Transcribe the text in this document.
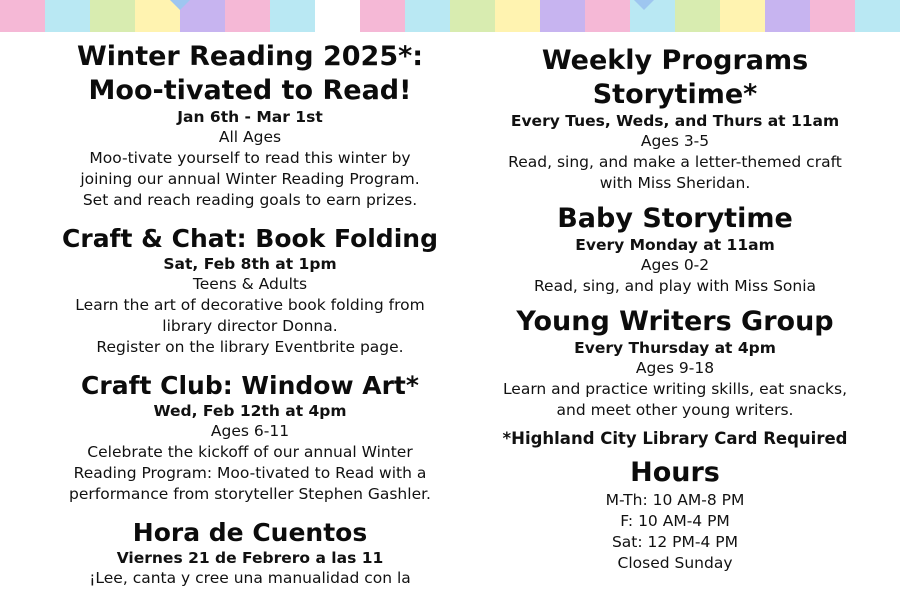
Winter Reading 2025*:
Moo-tivated to Read!
Jan 6th - Mar 1st
All Ages
Moo-tivate yourself to read this winter by
joining our annual Winter Reading Program.
Set and reach reading goals to earn prizes.
Craft & Chat: Book Folding
Sat, Feb 8th at 1pm
Teens & Adults
Learn the art of decorative book folding from
library director Donna.
Register on the library Eventbrite page.
Craft Club: Window Art*
Wed, Feb 12th at 4pm
Ages 6-11
Celebrate the kickoff of our annual Winter
Reading Program: Moo-tivated to Read with a
performance from storyteller Stephen Gashler.
Hora de Cuentos
Viernes 21 de Febrero a las 11
¡Lee, canta y cree una manualidad con la
Weekly Programs
Storytime*
Every Tues, Weds, and Thurs at 11am
Ages 3-5
Read, sing, and make a letter-themed craft
with Miss Sheridan.
Baby Storytime
Every Monday at 11am
Ages 0-2
Read, sing, and play with Miss Sonia
Young Writers Group
Every Thursday at 4pm
Ages 9-18
Learn and practice writing skills, eat snacks,
and meet other young writers.
*Highland City Library Card Required
Hours
M-Th: 10 AM-8 PM
F: 10 AM-4 PM
Sat: 12 PM-4 PM
Closed Sunday
